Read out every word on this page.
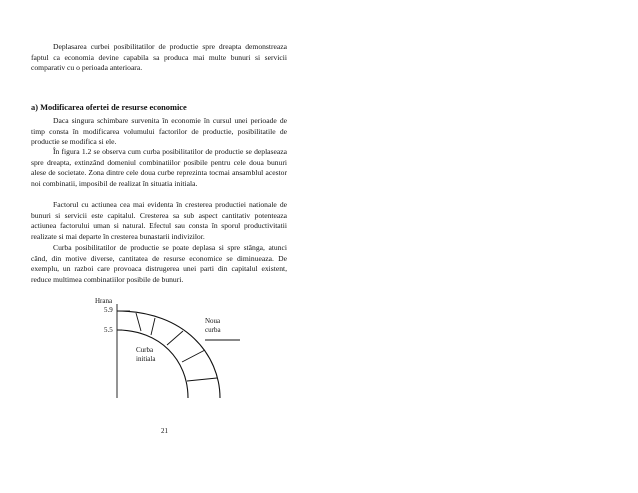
Deplasarea curbei posibilitatilor de productie spre dreapta demonstreaza faptul ca economia devine capabila sa produca mai multe bunuri si servicii comparativ cu o perioada anterioara.

a) Modificarea ofertei de resurse economice

Daca singura schimbare survenita în economie în cursul unei perioade de timp consta în modificarea volumului factorilor de productie, posibilitatile de productie se modifica si ele.

În figura 1.2 se observa cum curba posibilitatilor de productie se deplaseaza spre dreapta, extinzând domeniul combinatiilor posibile pentru cele doua bunuri alese de societate. Zona dintre cele doua curbe reprezinta tocmai ansamblul acestor noi combinatii, imposibil de realizat în situatia initiala.

Factorul cu actiunea cea mai evidenta în cresterea productiei nationale de bunuri si servicii este capitalul. Cresterea sa sub aspect cantitativ potenteaza actiunea factorului uman si natural. Efectul sau consta în sporul productivitatii realizate si mai departe în cresterea bunastarii indivizilor.

Curba posibilitatilor de productie se poate deplasa si spre stânga, atunci când, din motive diverse, cantitatea de resurse economice se diminueaza. De exemplu, un razboi care provoaca distrugerea unei parti din capitalul existent, reduce multimea combinatiilor posibile de bunuri.

Hrana
5.9
5.5
Noua
curba
Curba
initiala
21
